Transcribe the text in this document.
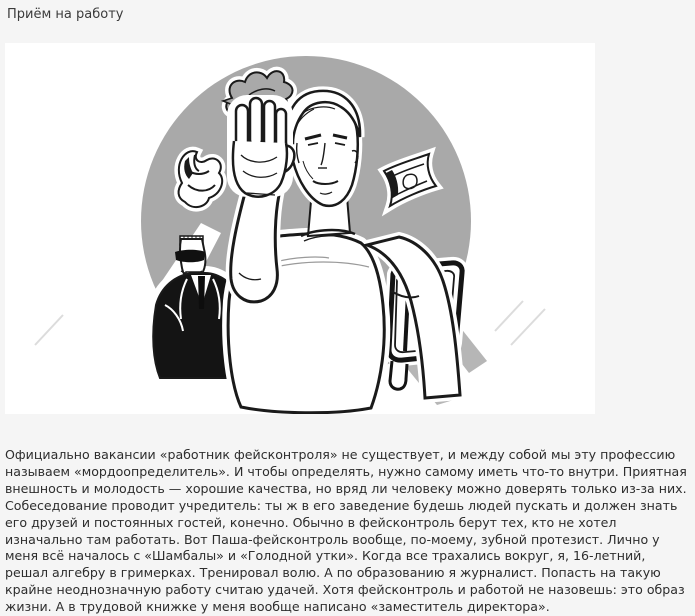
Приём на работу
Официально вакансии «работник фейсконтроля» не существует, и между собой мы эту профессию называем «мордоопределитель». И чтобы определять, нужно самому иметь что-то внутри. Приятная внешность и молодость — хорошие качества, но вряд ли человеку можно доверять только из-за них. Собеседование проводит учредитель: ты ж в его заведение будешь людей пускать и должен знать его друзей и постоянных гостей, конечно. Обычно в фейсконтроль берут тех, кто не хотел изначально там работать. Вот Паша-фейсконтроль вообще, по-моему, зубной протезист. Лично у меня всё началось с «Шамбалы» и «Голодной утки». Когда все трахались вокруг, я, 16-летний, решал алгебру в гримерках. Тренировал волю. А по образованию я журналист. Попасть на такую крайне неоднозначную работу считаю удачей. Хотя фейсконтроль и работой не назовешь: это образ жизни. А в трудовой книжке у меня вообще написано «заместитель директора».
